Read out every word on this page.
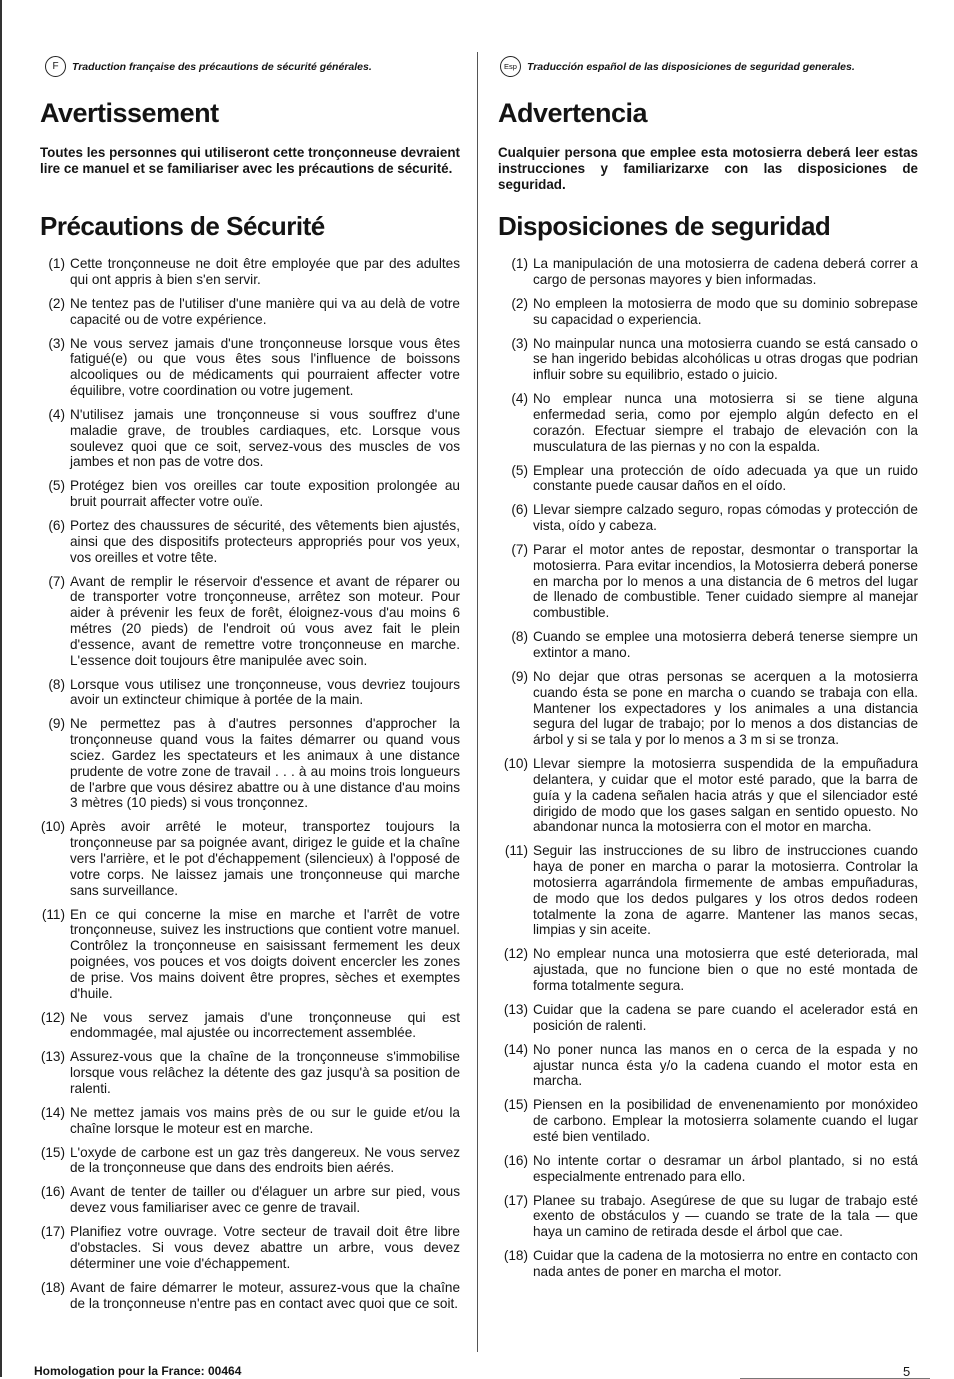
F	Traduction française des précautions de sécurité générales.
Avertissement

Toutes les personnes qui utiliseront cette tronçonneuse devraient lire ce manuel et se familiariser avec les précautions de sécurité.

Précautions de Sécurité
(1) Cette tronçonneuse ne doit être employée que par des adultes qui ont appris à bien s'en servir.
(2) Ne tentez pas de l'utiliser d'une manière qui va au delà de votre capacité ou de votre expérience.
(3) Ne vous servez jamais d'une tronçonneuse lorsque vous êtes fatigué(e) ou que vous êtes sous l'influence de boissons alcooliques ou de médicaments qui pourraient affecter votre équilibre, votre coordination ou votre jugement.
(4) N'utilisez jamais une tronçonneuse si vous souffrez d'une maladie grave, de troubles cardiaques, etc. Lorsque vous soulevez quoi que ce soit, servez-vous des muscles de vos jambes et non pas de votre dos.
(5) Protégez bien vos oreilles car toute exposition prolongée au bruit pourrait affecter votre ouïe.
(6) Portez des chaussures de sécurité, des vêtements bien ajustés, ainsi que des dispositifs protecteurs appropriés pour vos yeux, vos oreilles et votre tête.
(7) Avant de remplir le réservoir d'essence et avant de réparer ou de transporter votre tronçonneuse, arrêtez son moteur. Pour aider à prévenir les feux de forêt, éloignez-vous d'au moins 6 métres (20 pieds) de l'endroit oú vous avez fait le plein d'essence, avant de remettre votre tronçonneuse en marche. L'essence doit toujours être manipulée avec soin.
(8) Lorsque vous utilisez une tronçonneuse, vous devriez toujours avoir un extincteur chimique à portée de la main.
(9) Ne permettez pas à d'autres personnes d'approcher la tronçonneuse quand vous la faites démarrer ou quand vous sciez. Gardez les spectateurs et les animaux à une distance prudente de votre zone de travail . . . à au moins trois longueurs de l'arbre que vous désirez abattre ou à une distance d'au moins 3 mètres (10 pieds) si vous tronçonnez.
(10) Après avoir arrêté le moteur, transportez toujours la tronçonneuse par sa poignée avant, dirigez le guide et la chaîne vers l'arrière, et le pot d'échappement (silencieux) à l'opposé de votre corps. Ne laissez jamais une tronçonneuse qui marche sans surveillance.
(11) En ce qui concerne la mise en marche et l'arrêt de votre tronçonneuse, suivez les instructions que contient votre manuel. Contrôlez la tronçonneuse en saisissant fermement les deux poignées, vos pouces et vos doigts doivent encercler les zones de prise. Vos mains doivent être propres, sèches et exemptes d'huile.
(12) Ne vous servez jamais d'une tronçonneuse qui est endommagée, mal ajustée ou incorrectement assemblée.
(13) Assurez-vous que la chaîne de la tronçonneuse s'immobilise lorsque vous relâchez la détente des gaz jusqu'à sa position de ralenti.
(14) Ne mettez jamais vos mains près de ou sur le guide et/ou la chaîne lorsque le moteur est en marche.
(15) L'oxyde de carbone est un gaz très dangereux. Ne vous servez de la tronçonneuse que dans des endroits bien aérés.
(16) Avant de tenter de tailler ou d'élaguer un arbre sur pied, vous devez vous familiariser avec ce genre de travail.
(17) Planifiez votre ouvrage. Votre secteur de travail doit être libre d'obstacles. Si vous devez abattre un arbre, vous devez déterminer une voie d'échappement.
(18) Avant de faire démarrer le moteur, assurez-vous que la chaîne de la tronçonneuse n'entre pas en contact avec quoi que ce soit.
Esp Traducción español de las disposiciones de seguridad generales.
Advertencia

Cualquier persona que emplee esta motosierra deberá leer estas instrucciones y familiarizarxe con las disposiciones de seguridad.

Disposiciones de seguridad
(1) La manipulación de una motosierra de cadena deberá correr a cargo de personas mayores y bien informadas.
(2) No empleen la motosierra de modo que su dominio sobrepase su capacidad o experiencia.
(3) No mainpular nunca una motosierra cuando se está cansado o se han ingerido bebidas alcohólicas u otras drogas que podrian influir sobre su equilibrio, estado o juicio.
(4) No emplear nunca una motosierra si se tiene alguna enfermedad seria, como por ejemplo algún defecto en el corazón. Efectuar siempre el trabajo de elevación con la musculatura de las piernas y no con la espalda.
(5) Emplear una protección de oído adecuada ya que un ruido constante puede causar daños en el oído.
(6) Llevar siempre calzado seguro, ropas cómodas y protección de vista, oído y cabeza.
(7) Parar el motor antes de repostar, desmontar o transportar la motosierra. Para evitar incendios, la Motosierra deberá ponerse en marcha por lo menos a una distancia de 6 metros del lugar de llenado de combustible. Tener cuidado siempre al manejar combustible.
(8) Cuando se emplee una motosierra deberá tenerse siempre un extintor a mano.
(9) No dejar que otras personas se acerquen a la motosierra cuando ésta se pone en marcha o cuando se trabaja con ella. Mantener los expectadores y los animales a una distancia segura del lugar de trabajo; por lo menos a dos distancias de árbol y si se tala y por lo menos a 3 m si se tronza.
(10) Llevar siempre la motosierra suspendida de la empuñadura delantera, y cuidar que el motor esté parado, que la barra de guía y la cadena señalen hacia atrás y que el silenciador esté dirigido de modo que los gases salgan en sentido opuesto. No abandonar nunca la motosierra con el motor en marcha.
(11) Seguir las instrucciones de su libro de instrucciones cuando haya de poner en marcha o parar la motosierra. Controlar la motosierra agarrándola firmemente de ambas empuñaduras, de modo que los dedos pulgares y los otros dedos rodeen totalmente la zona de agarre. Mantener las manos secas, limpias y sin aceite.
(12) No emplear nunca una motosierra que esté deteriorada, mal ajustada, que no funcione bien o que no esté montada de forma totalmente segura.
(13) Cuidar que la cadena se pare cuando el acelerador está en posición de ralenti.
(14) No poner nunca las manos en o cerca de la espada y no ajustar nunca ésta y/o la cadena cuando el motor esta en marcha.
(15) Piensen en la posibilidad de envenenamiento por monóxideo de carbono. Emplear la motosierra solamente cuando el lugar esté bien ventilado.
(16) No intente cortar o desramar un árbol plantado, si no está especialmente entrenado para ello.
(17) Planee su trabajo. Asegúrese de que su lugar de trabajo esté exento de obstáculos y — cuando se trate de la tala — que haya un camino de retirada desde el árbol que cae.
(18) Cuidar que la cadena de la motosierra no entre en contacto con nada antes de poner en marcha el motor.
Homologation pour la France: 00464	5
